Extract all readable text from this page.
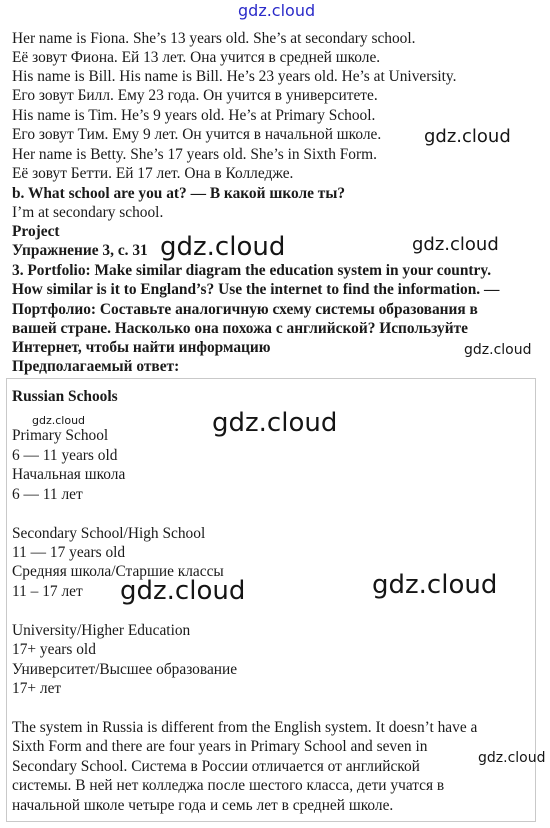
gdz.cloud
Her name is Fiona. She’s 13 years old. She’s at secondary school.
Её зовут Фиона. Ей 13 лет. Она учится в средней школе.
His name is Bill. His name is Bill. He’s 23 years old. He’s at University.
Его зовут Билл. Ему 23 года. Он учится в университете.
His name is Tim. He’s 9 years old. He’s at Primary School.
Его зовут Тим. Ему 9 лет. Он учится в начальной школе.
Her name is Betty. She’s 17 years old. She’s in Sixth Form.
Её зовут Бетти. Ей 17 лет. Она в Колледже.
gdz.cloud
b. What school are you at? — В какой школе ты?
I’m at secondary school.
Project
Упражнение 3, с. 31 gdz.cloud	gdz.cloud
3. Portfolio: Make similar diagram the education system in your country.
How similar is it to England’s? Use the internet to find the information. —
Портфолио: Составьте аналогичную схему системы образования в
вашей стране. Насколько она похожа с английской? Используйте
Интернет, чтобы найти информацию
Предполагаемый ответ:
gdz.cloud
Russian Schools
gdz.cloud	gdz.cloud
Primary School
6 — 11 years old
Начальная школа
6 — 11 лет
Secondary School/High School
11 — 17 years old
Средняя школа/Старшие классы
11 – 17 лет gdz.cloud	gdz.cloud
University/Higher Education
17+ years old
Университет/Высшее образование
17+ лет
The system in Russia is different from the English system. It doesn’t have a
Sixth Form and there are four years in Primary School and seven in
Secondary School. Система в России отличается от английской
системы. В ней нет колледжа после шестого класса, дети учатся в
начальной школе четыре года и семь лет в средней школе.
gdz.cloud
